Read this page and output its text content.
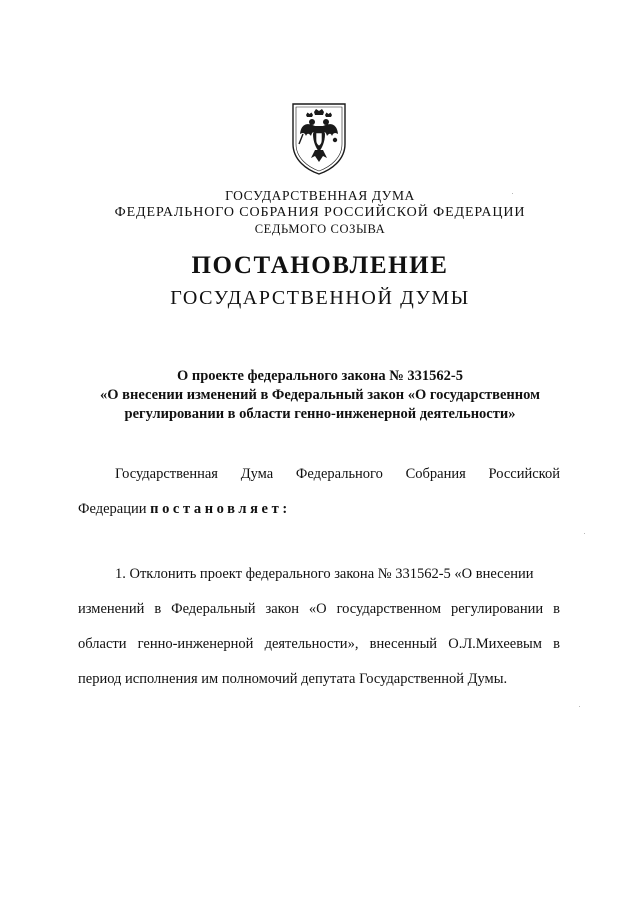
ГОСУДАРСТВЕННАЯ ДУМА
ФЕДЕРАЛЬНОГО СОБРАНИЯ РОССИЙСКОЙ ФЕДЕРАЦИИ
СЕДЬМОГО СОЗЫВА
ПОСТАНОВЛЕНИЕ
ГОСУДАРСТВЕННОЙ ДУМЫ
О проекте федерального закона № 331562-5
«О внесении изменений в Федеральный закон «О государственном
регулировании в области генно-инженерной деятельности»
Государственная Дума Федерального Собрания Российской
Федерации постановляет:
1. Отклонить проект федерального закона № 331562-5 «О внесении
изменений в Федеральный закон «О государственном регулировании в
области генно-инженерной деятельности», внесенный О.Л.Михеевым в
период исполнения им полномочий депутата Государственной Думы.
